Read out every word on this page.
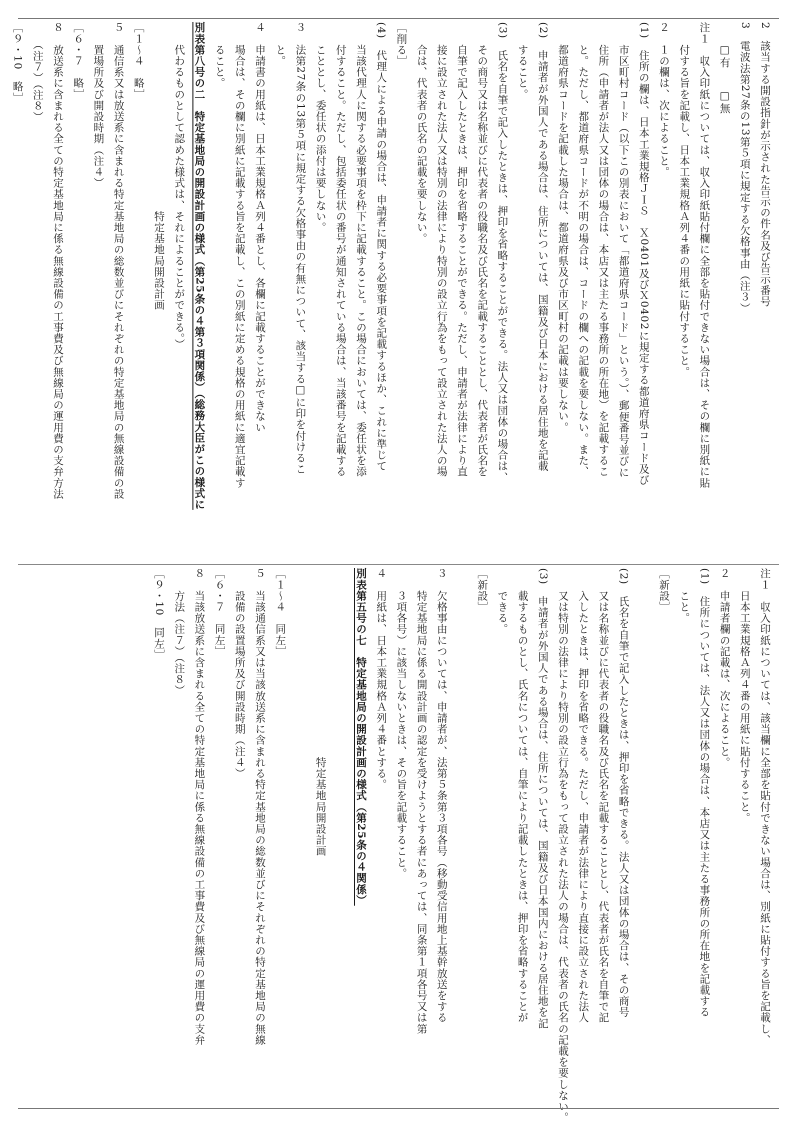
2　該当する開設指針が示された告示の件名及び告示番号
3　電波法第27条の13第５項に規定する欠格事由（注３）
　　□有　　□無
注１　収入印紙については、収入印紙貼付欄に全部を貼付できない場合は、その欄に別紙に貼
　　付する旨を記載し、日本工業規格Ａ列４番の用紙に貼付すること。
２　１の欄は、次によること。
(1)　住所の欄は、日本工業規格ＪＩＳ　Ｘ0401及びＸ0402に規定する都道府県コード及び
　　市区町村コード（以下この別表において「都道府県コード」という。）、郵便番号並びに
　　住所（申請者が法人又は団体の場合は、本店又は主たる事務所の所在地）を記載するこ
　　と。ただし、都道府県コードが不明の場合は、コードの欄への記載を要しない。また、
　　都道府県コードを記載した場合は、都道府県及び市区町村の記載は要しない。
(2)　申請者が外国人である場合は、住所については、国籍及び日本における居住地を記載
　　すること。
(3)　氏名を自筆で記入したときは、押印を省略することができる。法人又は団体の場合は、
　　その商号又は名称並びに代表者の役職名及び氏名を記載することとし、代表者が氏名を
　　自筆で記入したときは、押印を省略することができる。ただし、申請者が法律により直
　　接に設立された法人又は特別の法律により特別の設立行為をもって設立された法人の場
　　合は、代表者の氏名の記載を要しない。
［削る］
(4)　代理人による申請の場合は、申請者に関する必要事項を記載するほか、これに準じて
　　当該代理人に関する必要事項を枠下に記載すること。この場合においては、委任状を添
　　付すること。ただし、包括委任状の番号が通知されている場合は、当該番号を記載する
　　こととし、委任状の添付は要しない。
３　法第27条の13第５項に規定する欠格事由の有無について、該当する□に印を付けるこ
　　と。
４　申請書の用紙は、日本工業規格Ａ列４番とし、各欄に記載することができない
　　場合は、その欄に別紙に記載する旨を記載し、この別紙に定める規格の用紙に適宜記載す
　　ること。
別表第八号の二　特定基地局の開設計画の様式（第25条の４第３項関係）（総務大臣がこの様式に
　　代わるものとして認めた様式は、それによることができる。）
　　　　　　　　　　　　　　　　　特定基地局開設計画
［１～４　略］
５　通信系又は放送系に含まれる特定基地局の総数並びにそれぞれの特定基地局の無線設備の設
　　置場所及び開設時期（注４）
［６・７　略］
８　放送系に含まれる全ての特定基地局に係る無線設備の工事費及び無線局の運用費の支弁方法
　　（注７）（注８）
［９・10　略］
注１　収入印紙については、該当欄に全部を貼付できない場合は、別紙に貼付する旨を記載し、
　　日本工業規格Ａ列４番の用紙に貼付すること。
２　申請者欄の記載は、次によること。
(1)　住所については、法人又は団体の場合は、本店又は主たる事務所の所在地を記載する
　　こと。
［新設］
(2)　氏名を自筆で記入したときは、押印を省略できる。法人又は団体の場合は、その商号
　　又は名称並びに代表者の役職名及び氏名を記載することとし、代表者が氏名を自筆で記
　　入したときは、押印を省略できる。ただし、申請者が法律により直接に設立された法人
　　又は特別の法律により特別の設立行為をもって設立された法人の場合は、代表者の氏名の記載を要しない。
(3)　申請者が外国人である場合は、住所については、国籍及び日本国内における居住地を記
　　載するものとし、氏名については、自筆により記載したときは、押印を省略することが
　　できる。
［新設］
３　欠格事由については、申請者が、法第５条第３項各号（移動受信用地上基幹放送をする
　　特定基地局に係る開設計画の認定を受けようとする者にあっては、同条第１項各号又は第
　　３項各号）に該当しないときは、その旨を記載すること。
４　用紙は、日本工業規格Ａ列４番とする。
別表第五号の七　特定基地局の開設計画の様式（第25条の４関係）
　　　　　　　　　　　　　　　　　特定基地局開設計画
［１～４　同左］
５　当該通信系又は当該放送系に含まれる特定基地局の総数並びにそれぞれの特定基地局の無線
　　設備の設置場所及び開設時期（注４）
［６・７　同左］
８　当該放送系に含まれる全ての特定基地局に係る無線設備の工事費及び無線局の運用費の支弁
　　方法（注７）（注８）
［９・10　同左］
